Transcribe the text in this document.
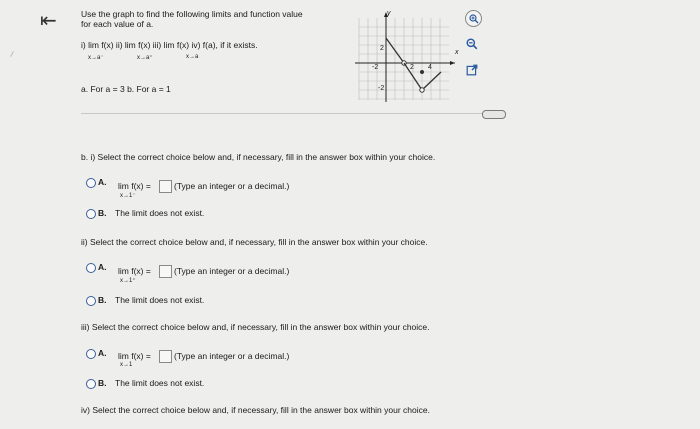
⇤	Use the graph to find the following limits and function value
for each value of a.
i) lim f(x) ii) lim f(x) iii) lim f(x) iv) f(a), if it exists.
x→a⁻	x→a⁺	x→a
a. For a = 3 b. For a = 1
y
x
-2	2 4
2
-2
b. i) Select the correct choice below and, if necessary, fill in the answer box within your choice.
A. lim f(x) =
x→1⁻
(Type an integer or a decimal.)
B. The limit does not exist.
ii) Select the correct choice below and, if necessary, fill in the answer box within your choice.
A. lim f(x) =
x→1⁺
(Type an integer or a decimal.)
B. The limit does not exist.
iii) Select the correct choice below and, if necessary, fill in the answer box within your choice.
A. lim f(x) =
x→1
(Type an integer or a decimal.)
B. The limit does not exist.
iv) Select the correct choice below and, if necessary, fill in the answer box within your choice.
